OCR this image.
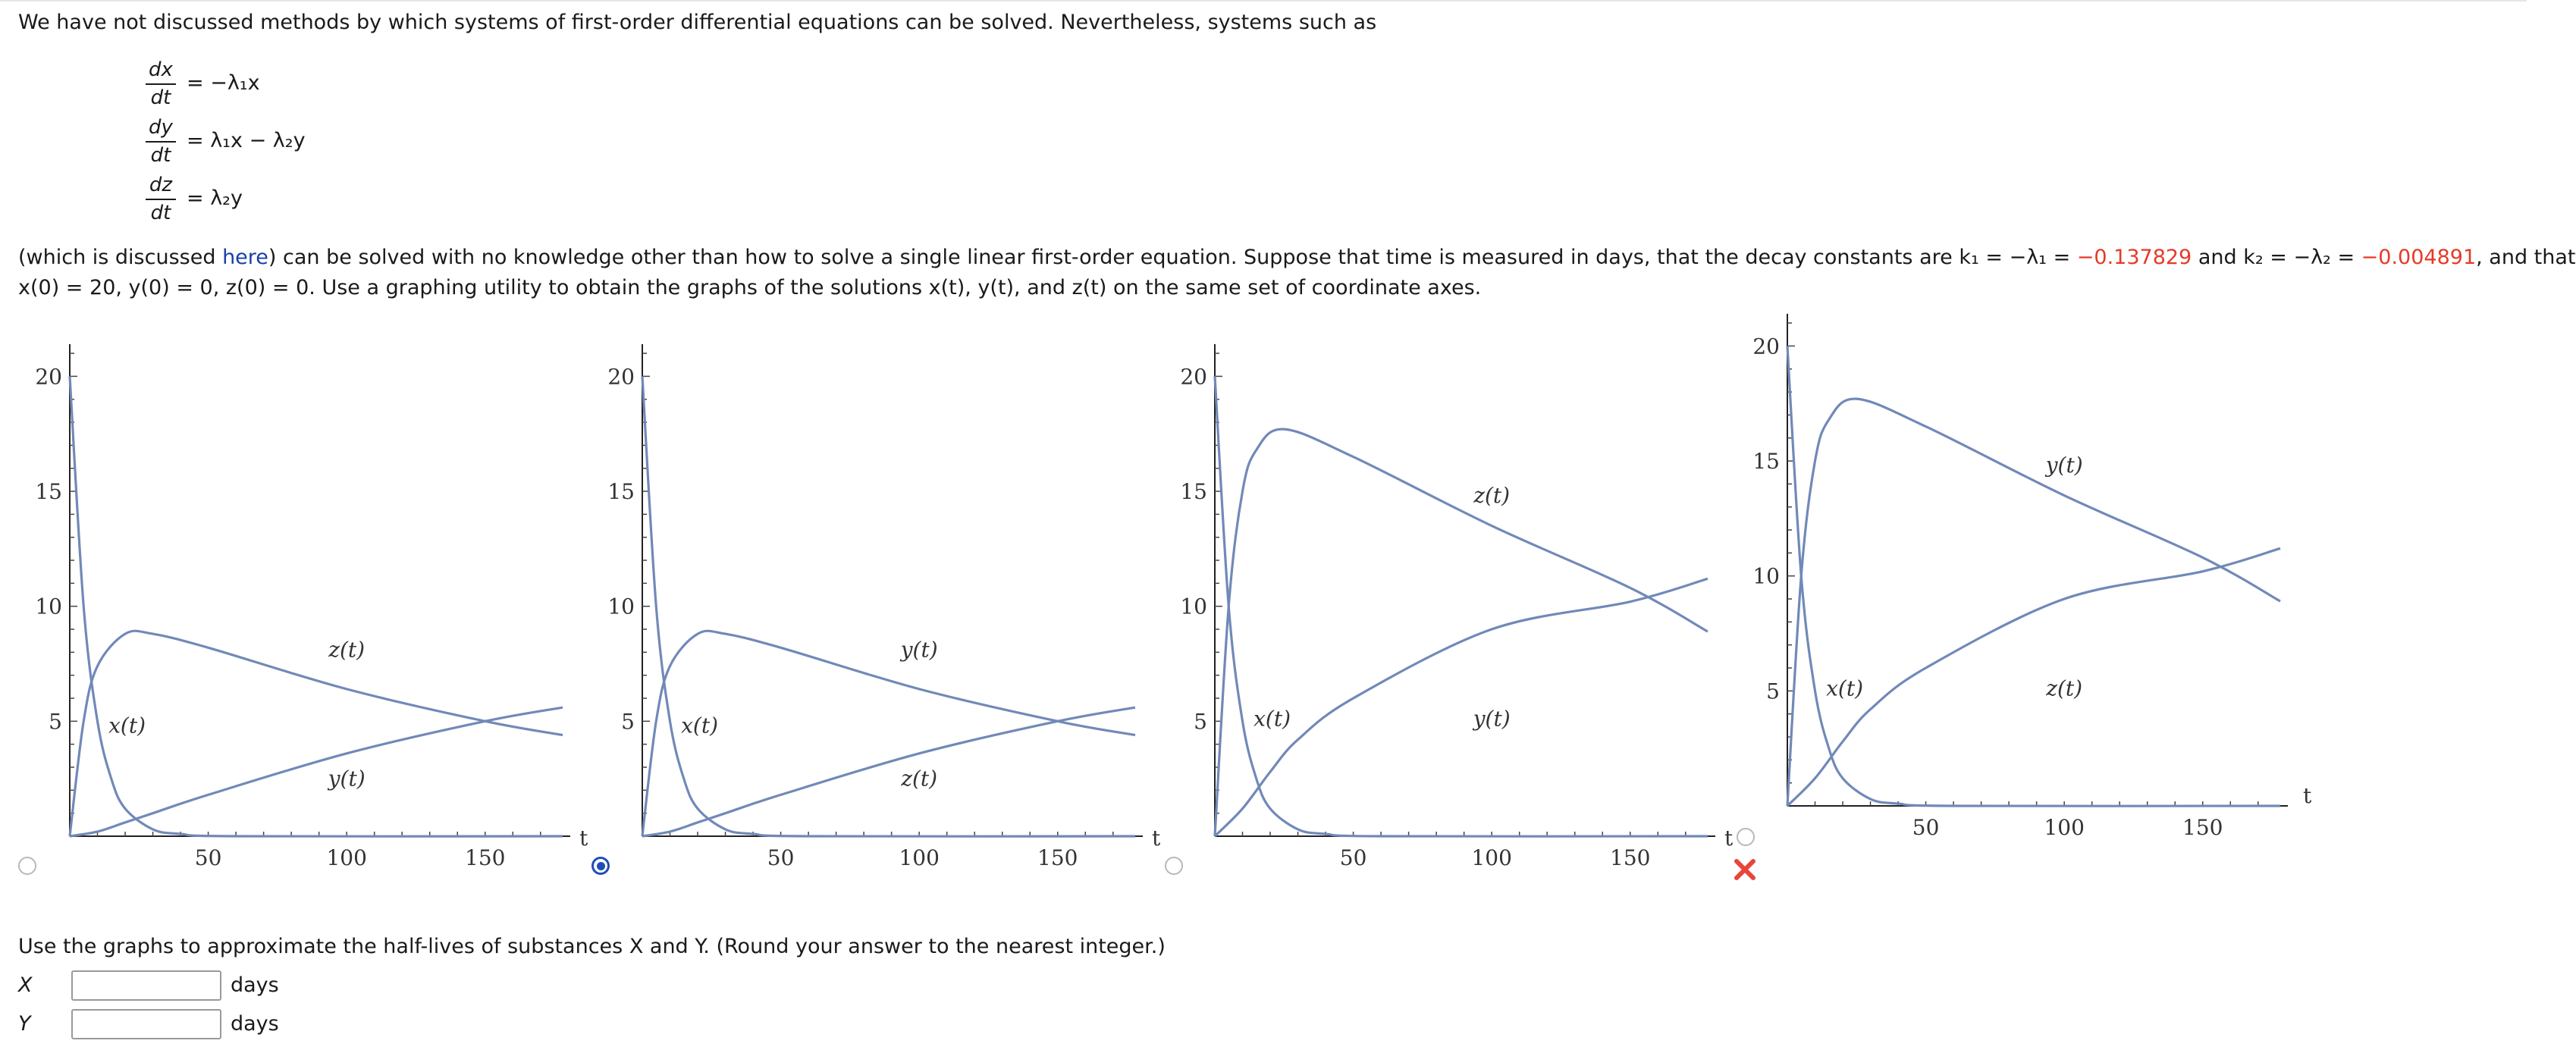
We have not discussed methods by which systems of first-order differential equations can be solved. Nevertheless, systems such as
dx
dt
= −λ₁x
dy
dt
= λ₁x − λ₂y
dz
dt
= λ₂y
(which is discussed here) can be solved with no knowledge other than how to solve a single linear first-order equation. Suppose that time is measured in days, that the decay constants are k₁ = −λ₁ = −0.137829 and k₂ = −λ₂ = −0.004891, and that
x(0) = 20, y(0) = 0, z(0) = 0. Use a graphing utility to obtain the graphs of the solutions x(t), y(t), and z(t) on the same set of coordinate axes.
5
10
15
20
50	100	150
t
x(t)
y(t)
z(t)
5
10
15
20
50	100	150
t
x(t)
y(t)
z(t)
5
10
15
20
50	100	150
t
x(t)	y(t)
z(t)
5
10
15
20
50	100	150
t
x(t)
y(t)
z(t)
Use the graphs to approximate the half-lives of substances X and Y. (Round your answer to the nearest integer.)
X	days
Y	days
